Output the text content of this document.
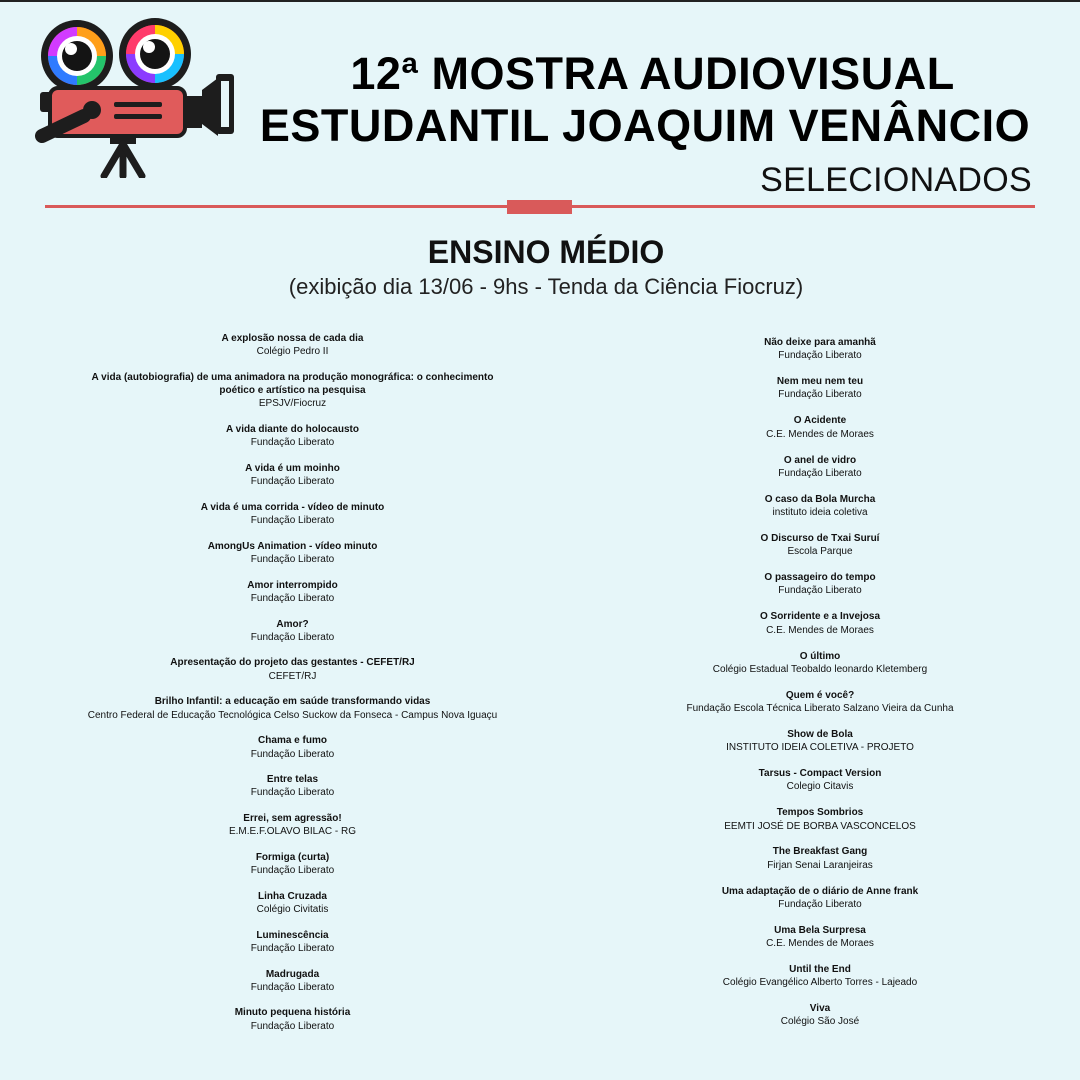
12ª MOSTRA AUDIOVISUAL
ESTUDANTIL JOAQUIM VENÂNCIO
SELECIONADOS
ENSINO MÉDIO
(exibição dia 13/06 - 9hs - Tenda da Ciência Fiocruz)
A explosão nossa de cada dia
Colégio Pedro II
A vida (autobiografia) de uma animadora na produção monográfica: o conhecimento poético e artístico na pesquisa
EPSJV/Fiocruz
A vida diante do holocausto
Fundação Liberato
A vida é um moinho
Fundação Liberato
A vida é uma corrida - vídeo de minuto
Fundação Liberato
AmongUs Animation - vídeo minuto
Fundação Liberato
Amor interrompido
Fundação Liberato
Amor?
Fundação Liberato
Apresentação do projeto das gestantes - CEFET/RJ
CEFET/RJ
Brilho Infantil: a educação em saúde transformando vidas
Centro Federal de Educação Tecnológica Celso Suckow da Fonseca - Campus Nova Iguaçu
Chama e fumo
Fundação Liberato
Entre telas
Fundação Liberato
Errei, sem agressão!
E.M.E.F.OLAVO BILAC - RG
Formiga (curta)
Fundação Liberato
Linha Cruzada
Colégio Civitatis
Luminescência
Fundação Liberato
Madrugada
Fundação Liberato
Minuto pequena história
Fundação Liberato
Não deixe para amanhã
Fundação Liberato
Nem meu nem teu
Fundação Liberato
O Acidente
C.E. Mendes de Moraes
O anel de vidro
Fundação Liberato
O caso da Bola Murcha
instituto ideia coletiva
O Discurso de Txai Suruí
Escola Parque
O passageiro do tempo
Fundação Liberato
O Sorridente e a Invejosa
C.E. Mendes de Moraes
O último
Colégio Estadual Teobaldo leonardo Kletemberg
Quem é você?
Fundação Escola Técnica Liberato Salzano Vieira da Cunha
Show de Bola
INSTITUTO IDEIA COLETIVA - PROJETO
Tarsus - Compact Version
Colegio Citavis
Tempos Sombrios
EEMTI JOSÉ DE BORBA VASCONCELOS
The Breakfast Gang
Firjan Senai Laranjeiras
Uma adaptação de o diário de Anne frank
Fundação Liberato
Uma Bela Surpresa
C.E. Mendes de Moraes
Until the End
Colégio Evangélico Alberto Torres - Lajeado
Viva
Colégio São José
